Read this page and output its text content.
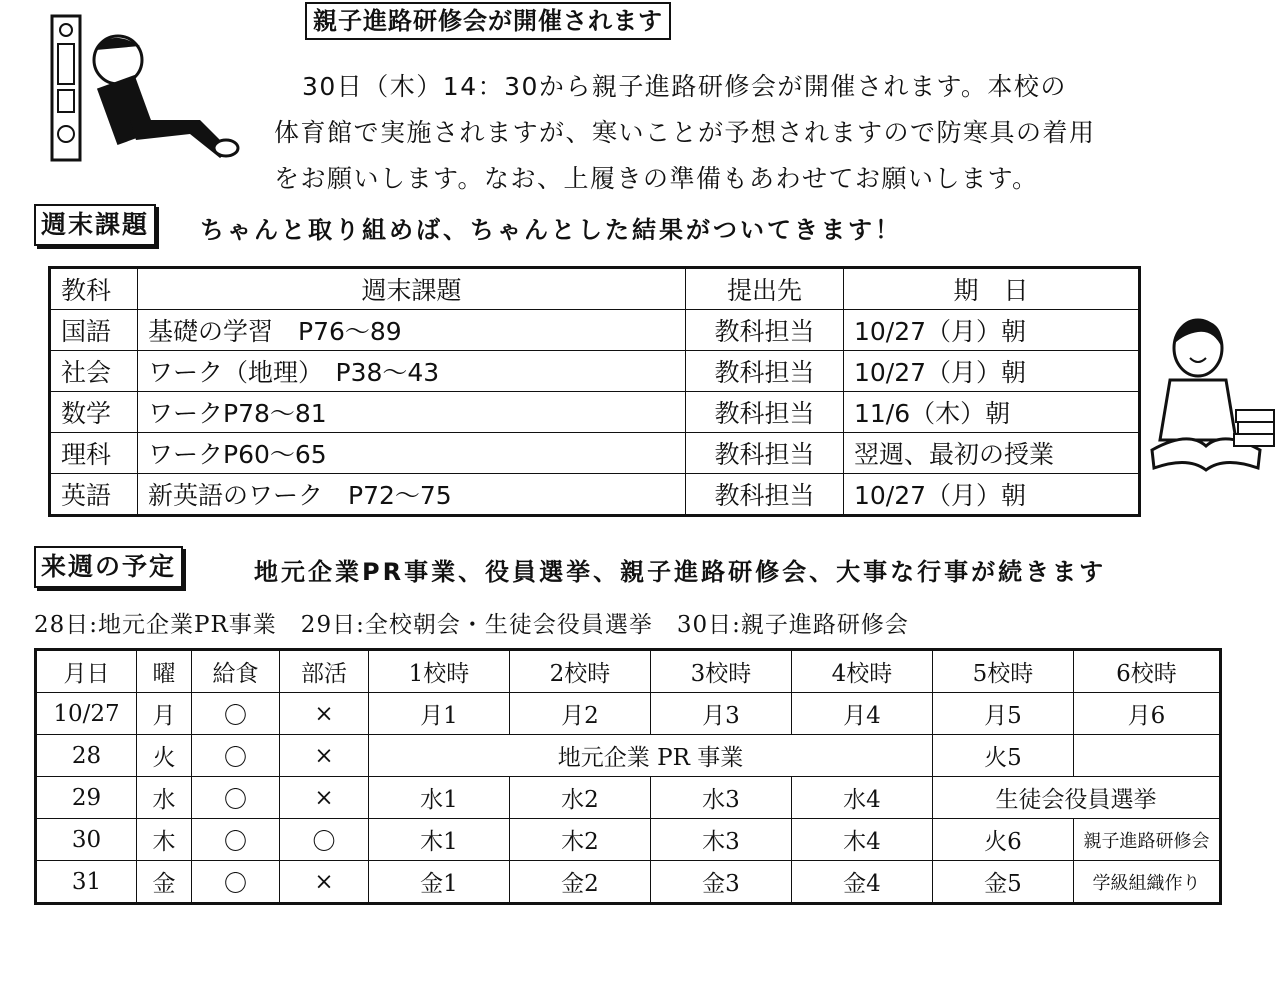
親子進路研修会が開催されます
30日（木）14：30から親子進路研修会が開催されます。本校の
体育館で実施されますが、寒いことが予想されますので防寒具の着用
をお願いします。なお、上履きの準備もあわせてお願いします。
週末課題 ちゃんと取り組めば、ちゃんとした結果がついてきます！
教科	週末課題	提出先	期　日
国語	基礎の学習　P76～89	教科担当	10/27（月）朝
社会	ワーク（地理）　P38～43	教科担当	10/27（月）朝
数学	ワークP78～81	教科担当	11/6（木）朝
理科	ワークP60～65	教科担当	翌週、最初の授業
英語	新英語のワーク　P72～75	教科担当	10/27（月）朝
来週の予定	地元企業PR事業、役員選挙、親子進路研修会、大事な行事が続きます
28日:地元企業PR事業　29日:全校朝会・生徒会役員選挙　30日:親子進路研修会
月日	曜	給食	部活	1校時	2校時	3校時	4校時	5校時	6校時
10/27	月	〇	×	月1	月2	月3	月4	月5	月6
28	火	〇	×	地元企業 PR 事業				火5	
29	水	〇	×	水1	水2	水3	水4	生徒会役員選挙	
30	木	〇	〇	木1	木2	木3	木4	火6	親子進路研修会
31	金	〇	×	金1	金2	金3	金4	金5	学級組織作り
